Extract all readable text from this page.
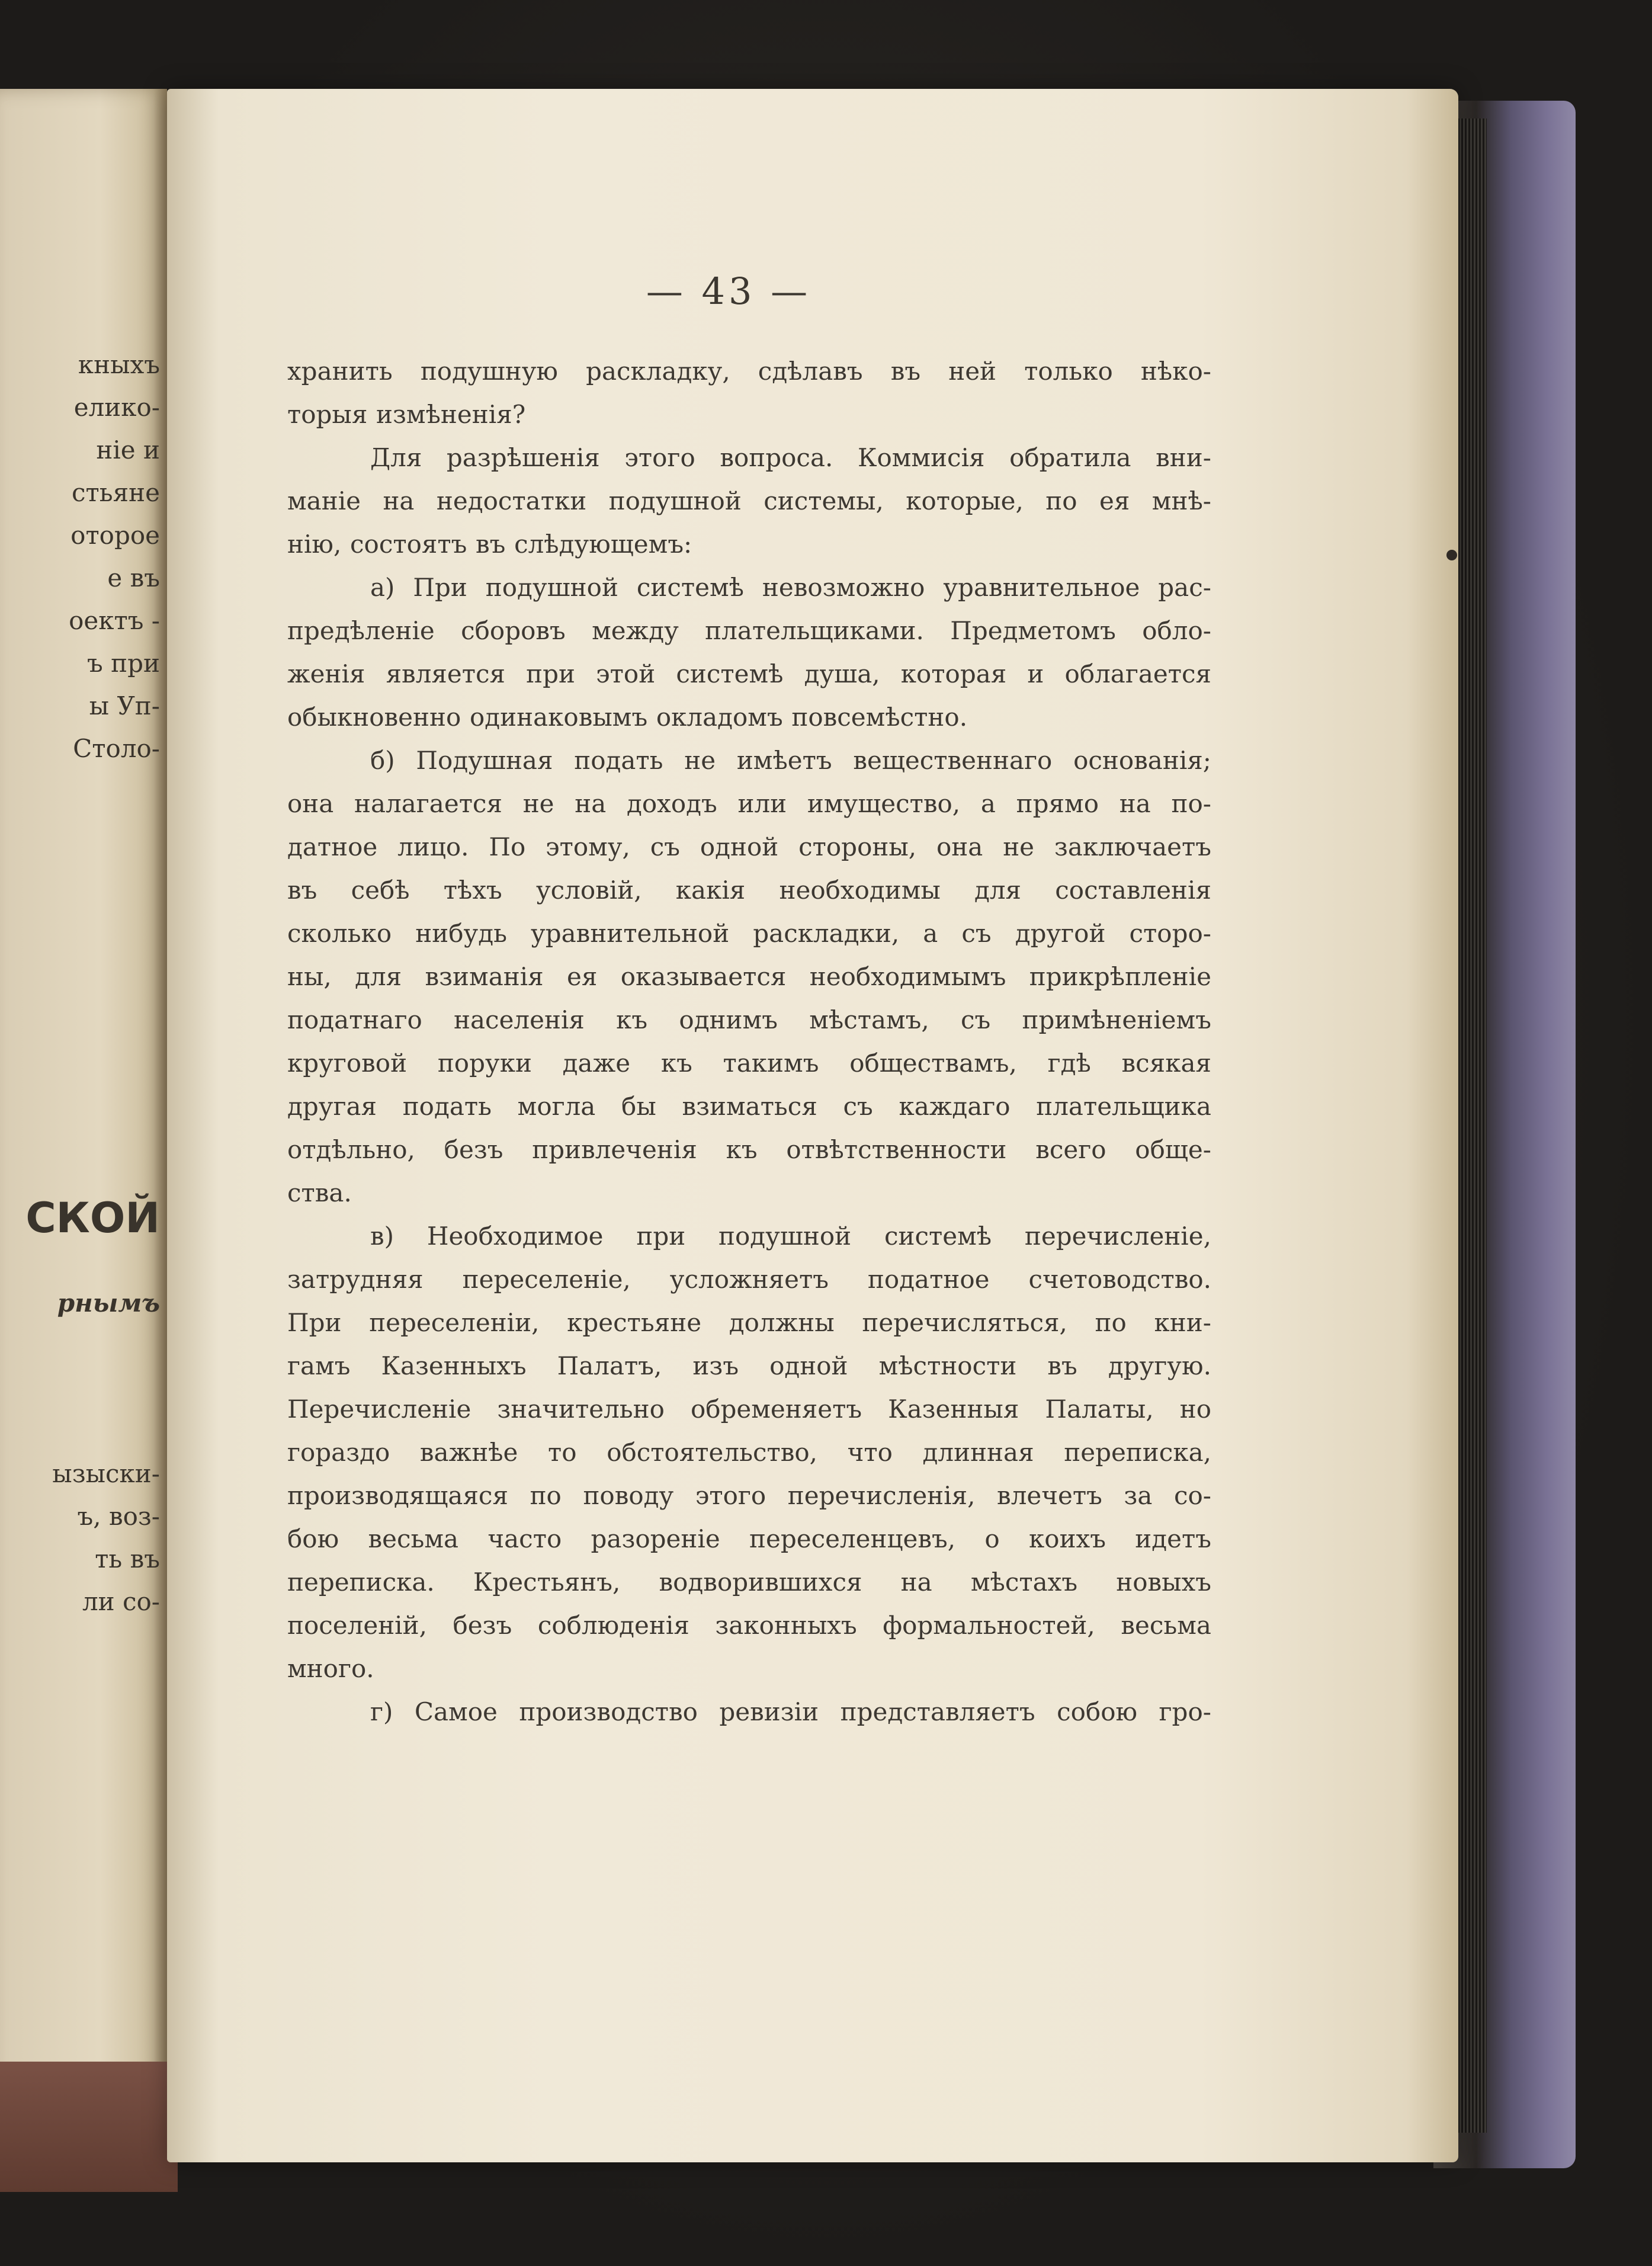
кныхъ
елико-
ніе и
стьяне
оторое
е въ
оектъ -
ъ при
ы Уп-
Столо-
СКОЙ
рнымъ
ызыски-
ъ, воз-
ть въ
ли со-
— 43 —
хранить подушную раскладку, сдѣлавъ въ ней только нѣко-
торыя измѣненія?
Для разрѣшенія этого вопроса. Коммисія обратила вни-
маніе на недостатки подушной системы, которые, по ея мнѣ-
нію, состоятъ въ слѣдующемъ:
а) При подушной системѣ невозможно уравнительное рас-
предѣленіе сборовъ между плательщиками. Предметомъ обло-
женія является при этой системѣ душа, которая и облагается
обыкновенно одинаковымъ окладомъ повсемѣстно.
б) Подушная подать не имѣетъ вещественнаго основанія;
она налагается не на доходъ или имущество, а прямо на по-
датное лицо. По этому, съ одной стороны, она не заключаетъ
въ себѣ тѣхъ условій, какія необходимы для составленія
сколько нибудь уравнительной раскладки, а съ другой сторо-
ны, для взиманія ея оказывается необходимымъ прикрѣпленіе
податнаго населенія къ однимъ мѣстамъ, съ примѣненіемъ
круговой поруки даже къ такимъ обществамъ, гдѣ всякая
другая подать могла бы взиматься съ каждаго плательщика
отдѣльно, безъ привлеченія къ отвѣтственности всего обще-
ства.
в) Необходимое при подушной системѣ перечисленіе,
затрудняя переселеніе, усложняетъ податное счетоводство.
При переселеніи, крестьяне должны перечисляться, по кни-
гамъ Казенныхъ Палатъ, изъ одной мѣстности въ другую.
Перечисленіе значительно обременяетъ Казенныя Палаты, но
гораздо важнѣе то обстоятельство, что длинная переписка,
производящаяся по поводу этого перечисленія, влечетъ за со-
бою весьма часто разореніе переселенцевъ, о коихъ идетъ
переписка. Крестьянъ, водворившихся на мѣстахъ новыхъ
поселеній, безъ соблюденія законныхъ формальностей, весьма
много.
г) Самое производство ревизіи представляетъ собою гро-
